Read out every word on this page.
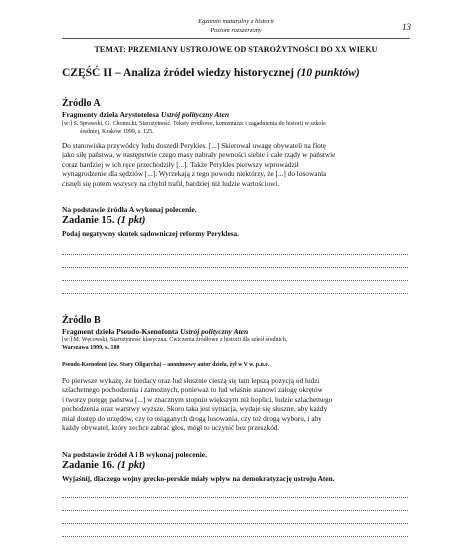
Egzamin maturalny z historii
Poziom rozszerzony	13
TEMAT: PRZEMIANY USTROJOWE OD STAROŻYTNOŚCI DO XX WIEKU
CZĘŚĆ II – Analiza źródeł wiedzy historycznej (10 punktów)
Źródło A
Fragmenty dzieła Arystotelesa Ustrój polityczny Aten
[w:] S. Sprawski, G. Chomicki, Starożytność. Teksty źródłowe, komentarze i zagadnienia do historii w szkole
średniej, Kraków 1999, s. 125.
Do stanowiska przywódcy ludu doszedł Perykles. [...] Skierował uwagę obywateli na flotę
jako siłę państwa, w następstwie czego masy nabrały pewności siebie i całe rządy w państwie
coraz bardziej w ich ręce przechodziły [...]. Także Perykles pierwszy wprowadził
wynagrodzenie dla sędziów [...]. Wyrzekają z tego powodu niektórzy, że [...] do losowania
cisnęli się potem wszyscy na chybił trafił, bardziej niż ludzie wartościowi.
Na podstawie źródła A wykonaj polecenie.
Zadanie 15. (1 pkt)
Podaj negatywny skutek sądowniczej reformy Peryklesa.
Źródło B
Fragment dzieła Pseudo-Ksenofonta Ustrój polityczny Aten
[w:] M. Węcowski, Starożytność klasyczna. Ćwiczenia źródłowe z historii dla szkół średnich,
Warszawa 1999, s. 180
Pseudo-Ksenofont (zw. Stary Oligarcha) – anonimowy autor dzieła, żył w V w. p.n.e.
Po pierwsze wykażę, że biedacy oraz lud słusznie cieszą się tam lepszą pozycją od ludzi
szlachetnego pochodzenia i zamożnych, ponieważ to lud właśnie stanowi załogę okrętów
i tworzy potęgę państwa [...] w znacznym stopniu większym niż hoplici, ludzie szlachetnego
pochodzenia oraz warstwy wyższe. Skoro taka jest sytuacja, wydaje się słuszne, aby każdy
miał dostęp do urzędów, czy to osiąganych drogą losowania, czy też drogą wyboru, i aby
każdy obywatel, który zechce zabrać głos, mógł to uczynić bez przeszkód.
Na podstawie źródeł A i B wykonaj polecenie.
Zadanie 16. (1 pkt)
Wyjaśnij, dlaczego wojny grecko-perskie miały wpływ na demokratyzację ustroju Aten.
